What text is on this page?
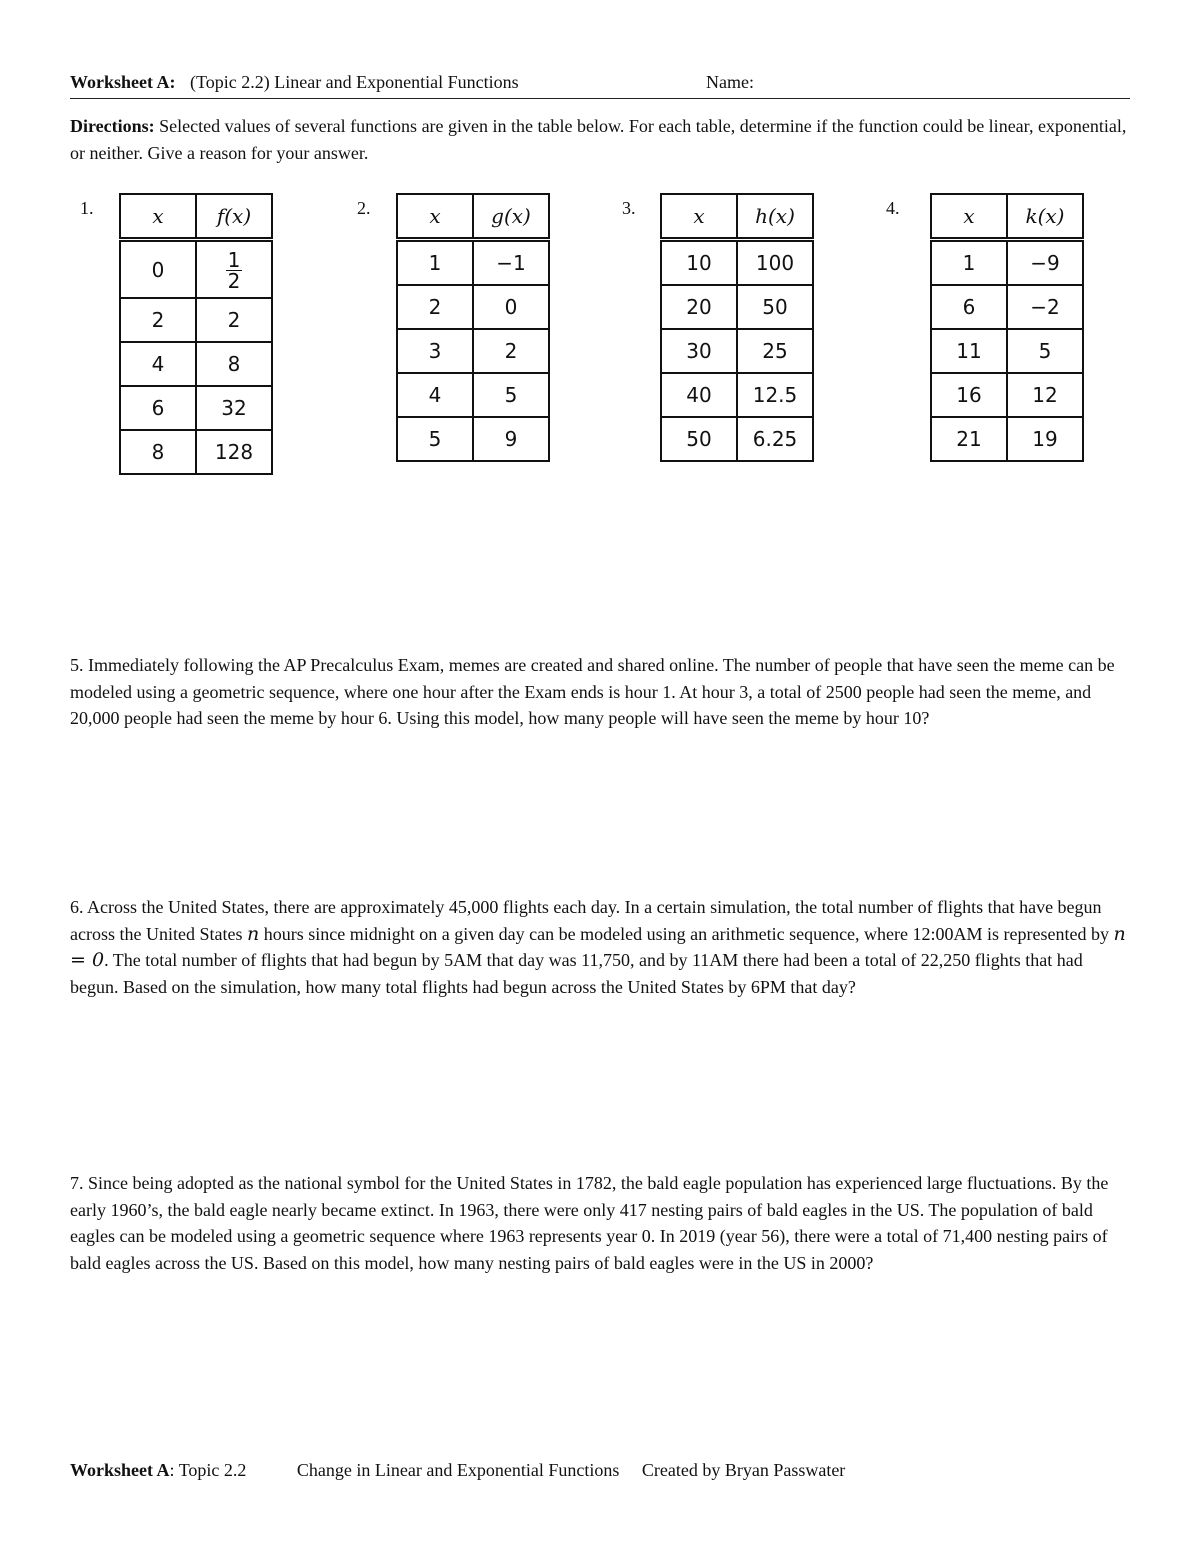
Worksheet A: (Topic 2.2) Linear and Exponential Functions	Name:
Directions: Selected values of several functions are given in the table below. For each table, determine if the function could be linear, exponential, or neither. Give a reason for your answer.
1.	x	f(x)
0	$\frac{1}{2}$

2	2
4	8
6	32
8	128
2.	x	g(x)
1	−1
2	0
3	2
4	5
5	9
3.	x	h(x)
10	100
20	50
30	25
40	12.5
50	6.25
4.	x	k(x)
1	−9
6	−2
11	5
16	12
21	19
5. Immediately following the AP Precalculus Exam, memes are created and shared online. The number of people that have seen the meme can be modeled using a geometric sequence, where one hour after the Exam ends is hour 1. At hour 3, a total of 2500 people had seen the meme, and 20,000 people had seen the meme by hour 6. Using this model, how many people will have seen the meme by hour 10?
6. Across the United States, there are approximately 45,000 flights each day. In a certain simulation, the total number of flights that have begun across the United States n hours since midnight on a given day can be modeled using an arithmetic sequence, where 12:00AM is represented by n = 0. The total number of flights that had begun by 5AM that day was 11,750, and by 11AM there had been a total of 22,250 flights that had begun. Based on the simulation, how many total flights had begun across the United States by 6PM that day?
7. Since being adopted as the national symbol for the United States in 1782, the bald eagle population has experienced large fluctuations. By the early 1960’s, the bald eagle nearly became extinct. In 1963, there were only 417 nesting pairs of bald eagles in the US. The population of bald eagles can be modeled using a geometric sequence where 1963 represents year 0. In 2019 (year 56), there were a total of 71,400 nesting pairs of bald eagles across the US. Based on this model, how many nesting pairs of bald eagles were in the US in 2000?
Worksheet A: Topic 2.2	Change in Linear and Exponential Functions Created by Bryan Passwater
